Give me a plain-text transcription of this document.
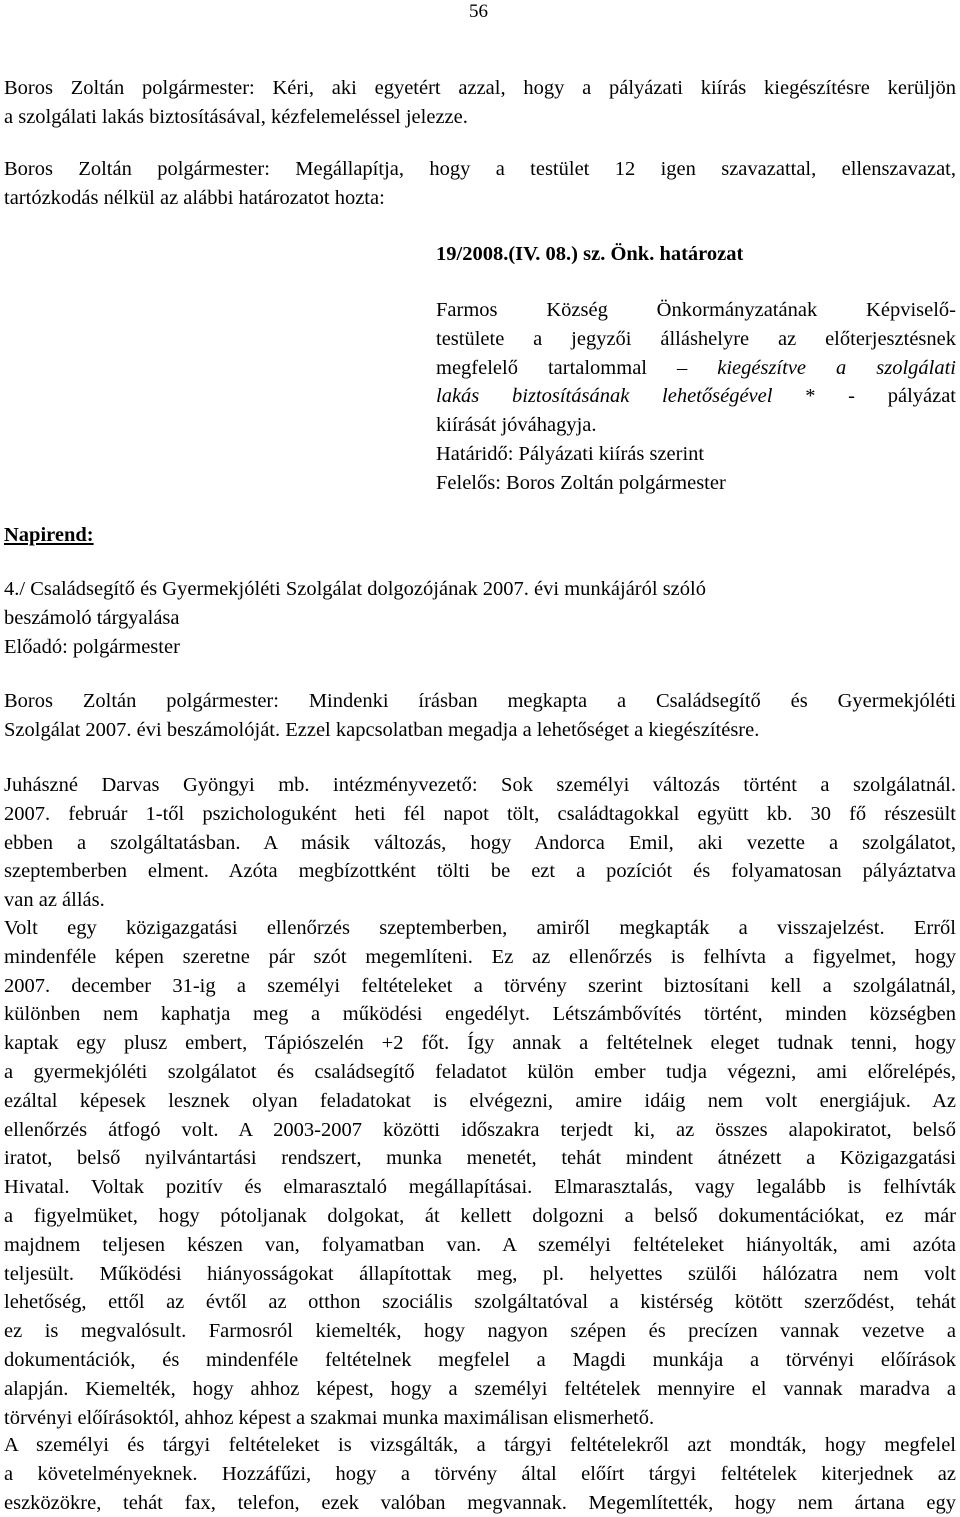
56
Boros Zoltán polgármester: Kéri, aki egyetért azzal, hogy a pályázati kiírás kiegészítésre kerüljön
a szolgálati lakás biztosításával, kézfelemeléssel jelezze.
Boros Zoltán polgármester: Megállapítja, hogy a testület 12 igen szavazattal, ellenszavazat,
tartózkodás nélkül az alábbi határozatot hozta:
19/2008.(IV. 08.) sz. Önk. határozat
Farmos Község Önkormányzatának Képviselő-
testülete a jegyzői álláshelyre az előterjesztésnek
megfelelő tartalommal – kiegészítve a szolgálati
lakás biztosításának lehetőségével * - pályázat
kiírását jóváhagyja.
Határidő: Pályázati kiírás szerint
Felelős: Boros Zoltán polgármester
Napirend:
4./ Családsegítő és Gyermekjóléti Szolgálat dolgozójának 2007. évi munkájáról szóló
beszámoló tárgyalása
Előadó: polgármester
Boros Zoltán polgármester: Mindenki írásban megkapta a Családsegítő és Gyermekjóléti
Szolgálat 2007. évi beszámolóját. Ezzel kapcsolatban megadja a lehetőséget a kiegészítésre.
Juhászné Darvas Gyöngyi mb. intézményvezető: Sok személyi változás történt a szolgálatnál.
2007. február 1-től pszichologuként heti fél napot tölt, családtagokkal együtt kb. 30 fő részesült
ebben a szolgáltatásban. A másik változás, hogy Andorca Emil, aki vezette a szolgálatot,
szeptemberben elment. Azóta megbízottként tölti be ezt a pozíciót és folyamatosan pályáztatva
van az állás.
Volt egy közigazgatási ellenőrzés szeptemberben, amiről megkapták a visszajelzést. Erről
mindenféle képen szeretne pár szót megemlíteni. Ez az ellenőrzés is felhívta a figyelmet, hogy
2007. december 31-ig a személyi feltételeket a törvény szerint biztosítani kell a szolgálatnál,
különben nem kaphatja meg a működési engedélyt. Létszámbővítés történt, minden községben
kaptak egy plusz embert, Tápiószelén +2 főt. Így annak a feltételnek eleget tudnak tenni, hogy
a gyermekjóléti szolgálatot és családsegítő feladatot külön ember tudja végezni, ami előrelépés,
ezáltal képesek lesznek olyan feladatokat is elvégezni, amire idáig nem volt energiájuk. Az
ellenőrzés átfogó volt. A 2003-2007 közötti időszakra terjedt ki, az összes alapokiratot, belső
iratot, belső nyilvántartási rendszert, munka menetét, tehát mindent átnézett a Közigazgatási
Hivatal. Voltak pozitív és elmarasztaló megállapításai. Elmarasztalás, vagy legalább is felhívták
a figyelmüket, hogy pótoljanak dolgokat, át kellett dolgozni a belső dokumentációkat, ez már
majdnem teljesen készen van, folyamatban van. A személyi feltételeket hiányolták, ami azóta
teljesült. Működési hiányosságokat állapítottak meg, pl. helyettes szülői hálózatra nem volt
lehetőség, ettől az évtől az otthon szociális szolgáltatóval a kistérség kötött szerződést, tehát
ez is megvalósult. Farmosról kiemelték, hogy nagyon szépen és precízen vannak vezetve a
dokumentációk, és mindenféle feltételnek megfelel a Magdi munkája a törvényi előírások
alapján. Kiemelték, hogy ahhoz képest, hogy a személyi feltételek mennyire el vannak maradva a
törvényi előírásoktól, ahhoz képest a szakmai munka maximálisan elismerhető.
A személyi és tárgyi feltételeket is vizsgálták, a tárgyi feltételekről azt mondták, hogy megfelel
a követelményeknek. Hozzáfűzi, hogy a törvény által előírt tárgyi feltételek kiterjednek az
eszközökre, tehát fax, telefon, ezek valóban megvannak. Megemlítették, hogy nem ártana egy
